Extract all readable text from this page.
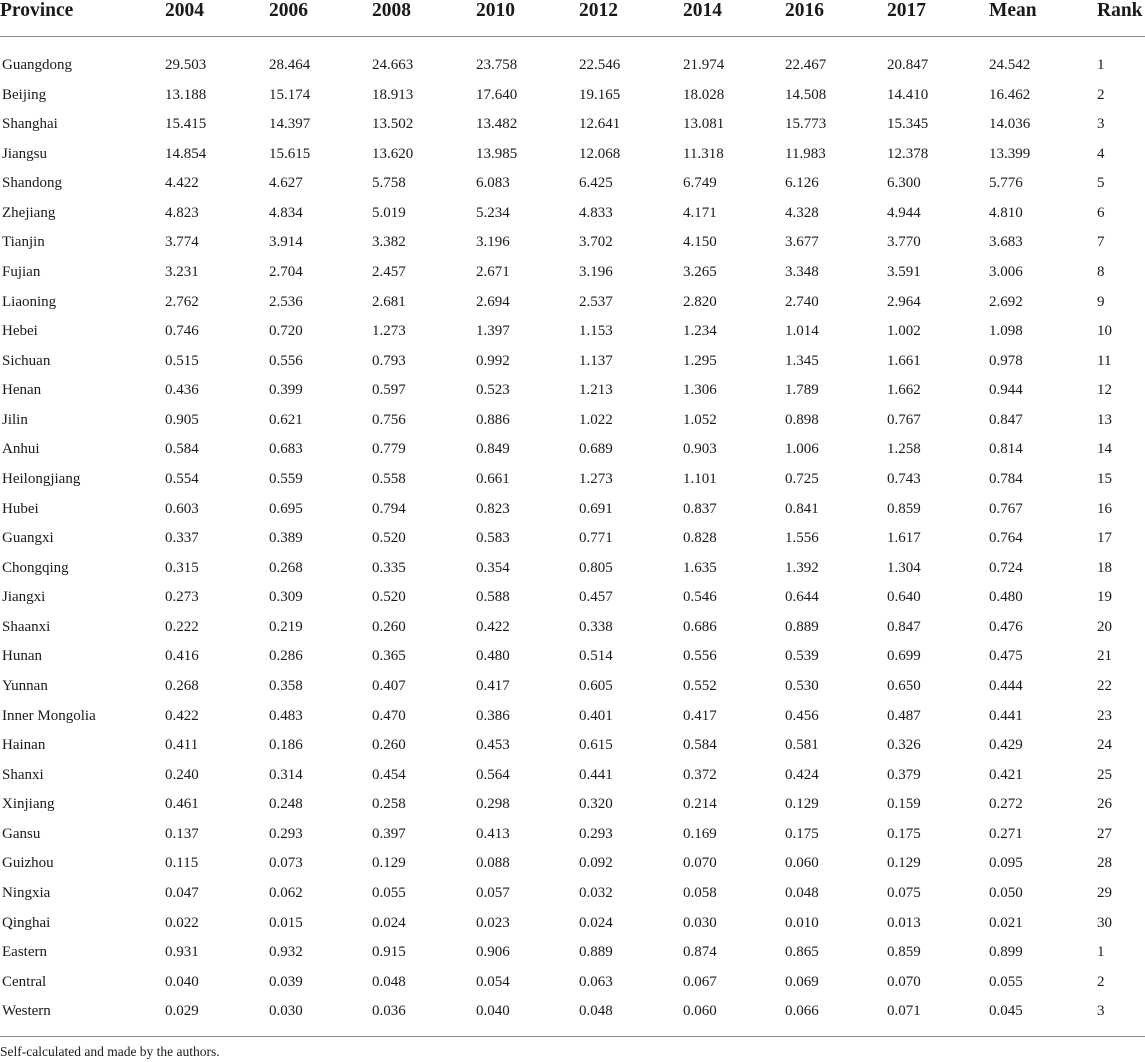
Province	2004	2006	2008	2010	2012	2014	2016	2017	Mean	Rank
Guangdong	29.503	28.464	24.663	23.758	22.546	21.974	22.467	20.847	24.542	1
Beijing	13.188	15.174	18.913	17.640	19.165	18.028	14.508	14.410	16.462	2
Shanghai	15.415	14.397	13.502	13.482	12.641	13.081	15.773	15.345	14.036	3
Jiangsu	14.854	15.615	13.620	13.985	12.068	11.318	11.983	12.378	13.399	4
Shandong	4.422	4.627	5.758	6.083	6.425	6.749	6.126	6.300	5.776	5
Zhejiang	4.823	4.834	5.019	5.234	4.833	4.171	4.328	4.944	4.810	6
Tianjin	3.774	3.914	3.382	3.196	3.702	4.150	3.677	3.770	3.683	7
Fujian	3.231	2.704	2.457	2.671	3.196	3.265	3.348	3.591	3.006	8
Liaoning	2.762	2.536	2.681	2.694	2.537	2.820	2.740	2.964	2.692	9
Hebei	0.746	0.720	1.273	1.397	1.153	1.234	1.014	1.002	1.098	10
Sichuan	0.515	0.556	0.793	0.992	1.137	1.295	1.345	1.661	0.978	11
Henan	0.436	0.399	0.597	0.523	1.213	1.306	1.789	1.662	0.944	12
Jilin	0.905	0.621	0.756	0.886	1.022	1.052	0.898	0.767	0.847	13
Anhui	0.584	0.683	0.779	0.849	0.689	0.903	1.006	1.258	0.814	14
Heilongjiang	0.554	0.559	0.558	0.661	1.273	1.101	0.725	0.743	0.784	15
Hubei	0.603	0.695	0.794	0.823	0.691	0.837	0.841	0.859	0.767	16
Guangxi	0.337	0.389	0.520	0.583	0.771	0.828	1.556	1.617	0.764	17
Chongqing	0.315	0.268	0.335	0.354	0.805	1.635	1.392	1.304	0.724	18
Jiangxi	0.273	0.309	0.520	0.588	0.457	0.546	0.644	0.640	0.480	19
Shaanxi	0.222	0.219	0.260	0.422	0.338	0.686	0.889	0.847	0.476	20
Hunan	0.416	0.286	0.365	0.480	0.514	0.556	0.539	0.699	0.475	21
Yunnan	0.268	0.358	0.407	0.417	0.605	0.552	0.530	0.650	0.444	22
Inner Mongolia	0.422	0.483	0.470	0.386	0.401	0.417	0.456	0.487	0.441	23
Hainan	0.411	0.186	0.260	0.453	0.615	0.584	0.581	0.326	0.429	24
Shanxi	0.240	0.314	0.454	0.564	0.441	0.372	0.424	0.379	0.421	25
Xinjiang	0.461	0.248	0.258	0.298	0.320	0.214	0.129	0.159	0.272	26
Gansu	0.137	0.293	0.397	0.413	0.293	0.169	0.175	0.175	0.271	27
Guizhou	0.115	0.073	0.129	0.088	0.092	0.070	0.060	0.129	0.095	28
Ningxia	0.047	0.062	0.055	0.057	0.032	0.058	0.048	0.075	0.050	29
Qinghai	0.022	0.015	0.024	0.023	0.024	0.030	0.010	0.013	0.021	30
Eastern	0.931	0.932	0.915	0.906	0.889	0.874	0.865	0.859	0.899	1
Central	0.040	0.039	0.048	0.054	0.063	0.067	0.069	0.070	0.055	2
Western	0.029	0.030	0.036	0.040	0.048	0.060	0.066	0.071	0.045	3
Self-calculated and made by the authors.
